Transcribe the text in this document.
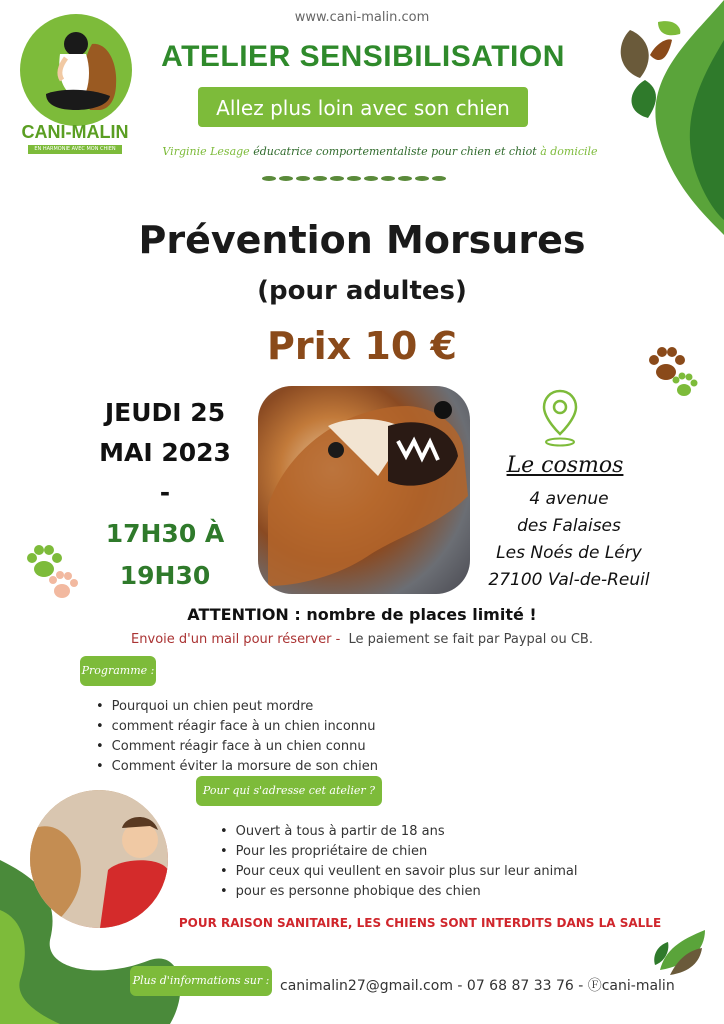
www.cani-malin.com
CANI-MALIN
EN HARMONIE AVEC MON CHIEN
ATELIER SENSIBILISATION
Allez plus loin avec son chien
Virginie Lesage éducatrice comportementaliste pour chien et chiot à domicile
Prévention Morsures
(pour adultes)
Prix 10 €
JEUDI 25
MAI 2023
-
17H30 À
19H30
Le cosmos
4 avenue
des Falaises
Les Noés de Léry
27100 Val-de-Reuil
ATTENTION : nombre de places limité !
Envoie d'un mail pour réserver - Le paiement se fait par Paypal ou CB.
Programme :
• Pourquoi un chien peut mordre
• comment réagir face à un chien inconnu
• Comment réagir face à un chien connu
• Comment éviter la morsure de son chien
Pour qui s'adresse cet atelier ?
• Ouvert à tous à partir de 18 ans
• Pour les propriétaire de chien
• Pour ceux qui veullent en savoir plus sur leur animal
• pour es personne phobique des chien
POUR RAISON SANITAIRE, LES CHIENS SONT INTERDITS DANS LA SALLE
Plus d'informations sur : canimalin27@gmail.com - 07 68 87 33 76 - Ⓕcani-malin
